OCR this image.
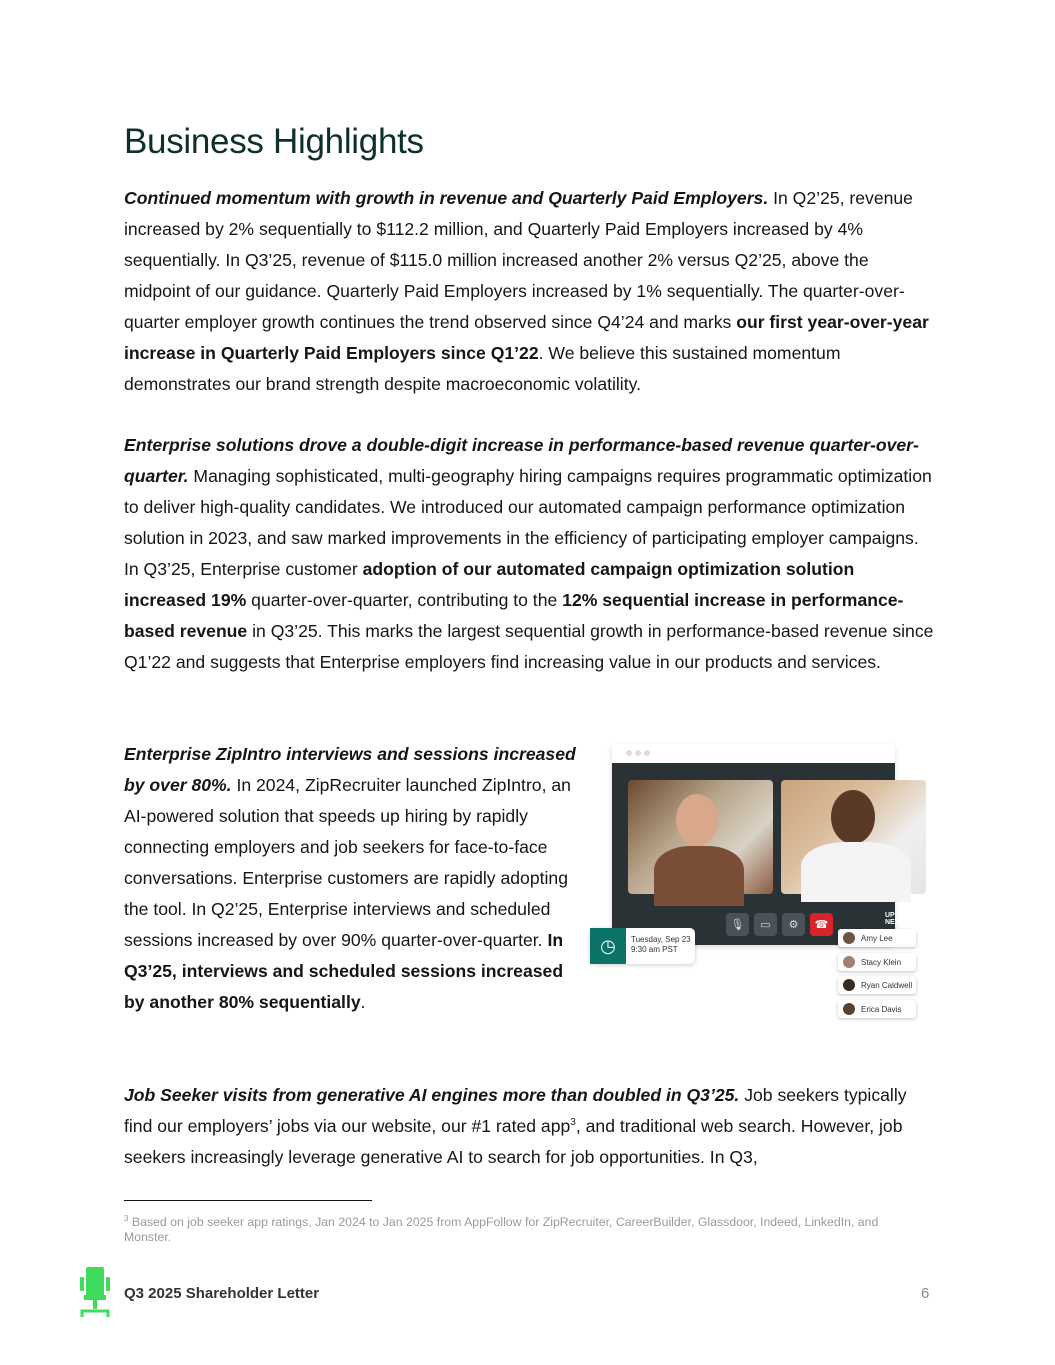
Business Highlights

Continued momentum with growth in revenue and Quarterly Paid Employers. In Q2’25, revenue increased by 2% sequentially to $112.2 million, and Quarterly Paid Employers increased by 4% sequentially. In Q3’25, revenue of $115.0 million increased another 2% versus Q2’25, above the midpoint of our guidance. Quarterly Paid Employers increased by 1% sequentially. The quarter-over-quarter employer growth continues the trend observed since Q4’24 and marks our first year-over-year increase in Quarterly Paid Employers since Q1’22. We believe this sustained momentum demonstrates our brand strength despite macroeconomic volatility.

Enterprise solutions drove a double-digit increase in performance-based revenue quarter-over-quarter. Managing sophisticated, multi-geography hiring campaigns requires programmatic optimization to deliver high-quality candidates. We introduced our automated campaign performance optimization solution in 2023, and saw marked improvements in the efficiency of participating employer campaigns. In Q3’25, Enterprise customer adoption of our automated campaign optimization solution increased 19% quarter-over-quarter, contributing to the 12% sequential increase in performance-based revenue in Q3’25. This marks the largest sequential growth in performance-based revenue since Q1’22 and suggests that Enterprise employers find increasing value in our products and services.

Enterprise ZipIntro interviews and sessions increased by over 80%. In 2024, ZipRecruiter launched ZipIntro, an AI-powered solution that speeds up hiring by rapidly connecting employers and job seekers for face-to-face conversations. Enterprise customers are rapidly adopting the tool. In Q2’25, Enterprise interviews and scheduled sessions increased by over 90% quarter-over-quarter. In Q3’25, interviews and scheduled sessions increased by another 80% sequentially.

Job Seeker visits from generative AI engines more than doubled in Q3’25. Job seekers typically find our employers’ jobs via our website, our #1 rated app$^3$, and traditional web search. However, job seekers increasingly leverage generative AI to search for job opportunities. In Q3,

🎙	▭	⚙	☎
UP NEXT:
◷	Tuesday, Sep 23
9:30 am PST
Amy Lee
Stacy Klein
Ryan Caldwell
Erica Davis
$^3$ Based on job seeker app ratings, Jan 2024 to Jan 2025 from AppFollow for ZipRecruiter, CareerBuilder, Glassdoor, Indeed, LinkedIn, and Monster.
Q3 2025 Shareholder Letter	6
